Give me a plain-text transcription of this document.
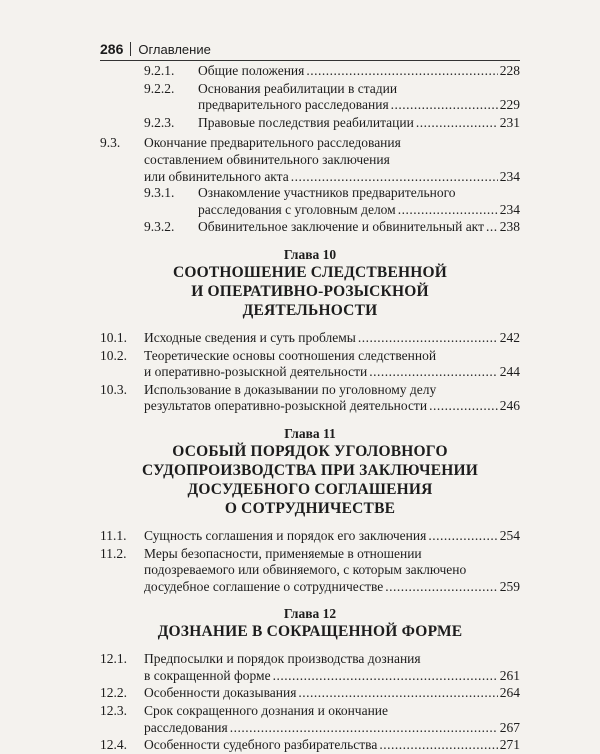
286 Оглавление
9.2.1. Общие положения .....	228
9.2.2. Основания реабилитации в стадии
предварительного расследования .....	229
9.2.3. Правовые последствия реабилитации .....	231
9.3. Окончание предварительного расследования
составлением обвинительного заключения
или обвинительного акта .....	234
9.3.1. Ознакомление участников предварительного
расследования с уголовным делом .....	234
9.3.2. Обвинительное заключение и обвинительный акт ..... 238
Глава 10
СООТНОШЕНИЕ СЛЕДСТВЕННОЙ
И ОПЕРАТИВНО-РОЗЫСКНОЙ
ДЕЯТЕЛЬНОСТИ
10.1. Исходные сведения и суть проблемы .....	242
10.2. Теоретические основы соотношения следственной
и оперативно-розыскной деятельности .....	244
10.3. Использование в доказывании по уголовному делу
результатов оперативно-розыскной деятельности .....	246
Глава 11
ОСОБЫЙ ПОРЯДОК УГОЛОВНОГО
СУДОПРОИЗВОДСТВА ПРИ ЗАКЛЮЧЕНИИ
ДОСУДЕБНОГО СОГЛАШЕНИЯ
О СОТРУДНИЧЕСТВЕ
11.1. Сущность соглашения и порядок его заключения .....	254
11.2. Меры безопасности, применяемые в отношении
подозреваемого или обвиняемого, с которым заключено
досудебное соглашение о сотрудничестве .....	259
Глава 12
ДОЗНАНИЕ В СОКРАЩЕННОЙ ФОРМЕ
12.1. Предпосылки и порядок производства дознания
в сокращенной форме .....	261
12.2. Особенности доказывания .....	264
12.3. Срок сокращенного дознания и окончание
расследования .....	267
12.4. Особенности судебного разбирательства .....	271
